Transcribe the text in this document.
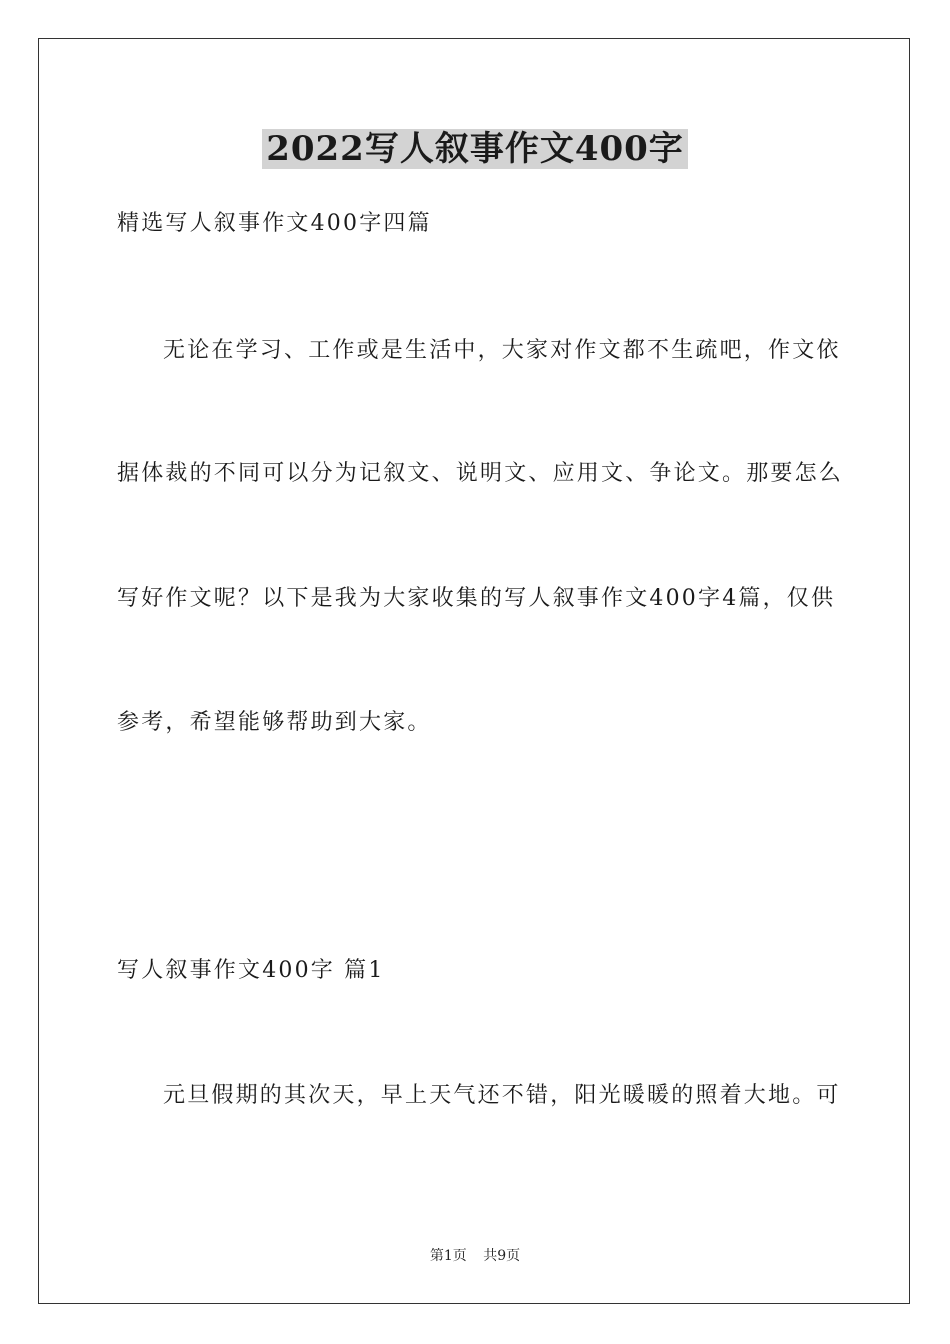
2022写人叙事作文400字
精选写人叙事作文400字四篇
无论在学习、工作或是生活中，大家对作文都不生疏吧，作文依
据体裁的不同可以分为记叙文、说明文、应用文、争论文。那要怎么
写好作文呢？以下是我为大家收集的写人叙事作文400字4篇，仅供
参考，希望能够帮助到大家。
写人叙事作文400字 篇1
元旦假期的其次天，早上天气还不错，阳光暖暖的照着大地。可
第1页 共9页
